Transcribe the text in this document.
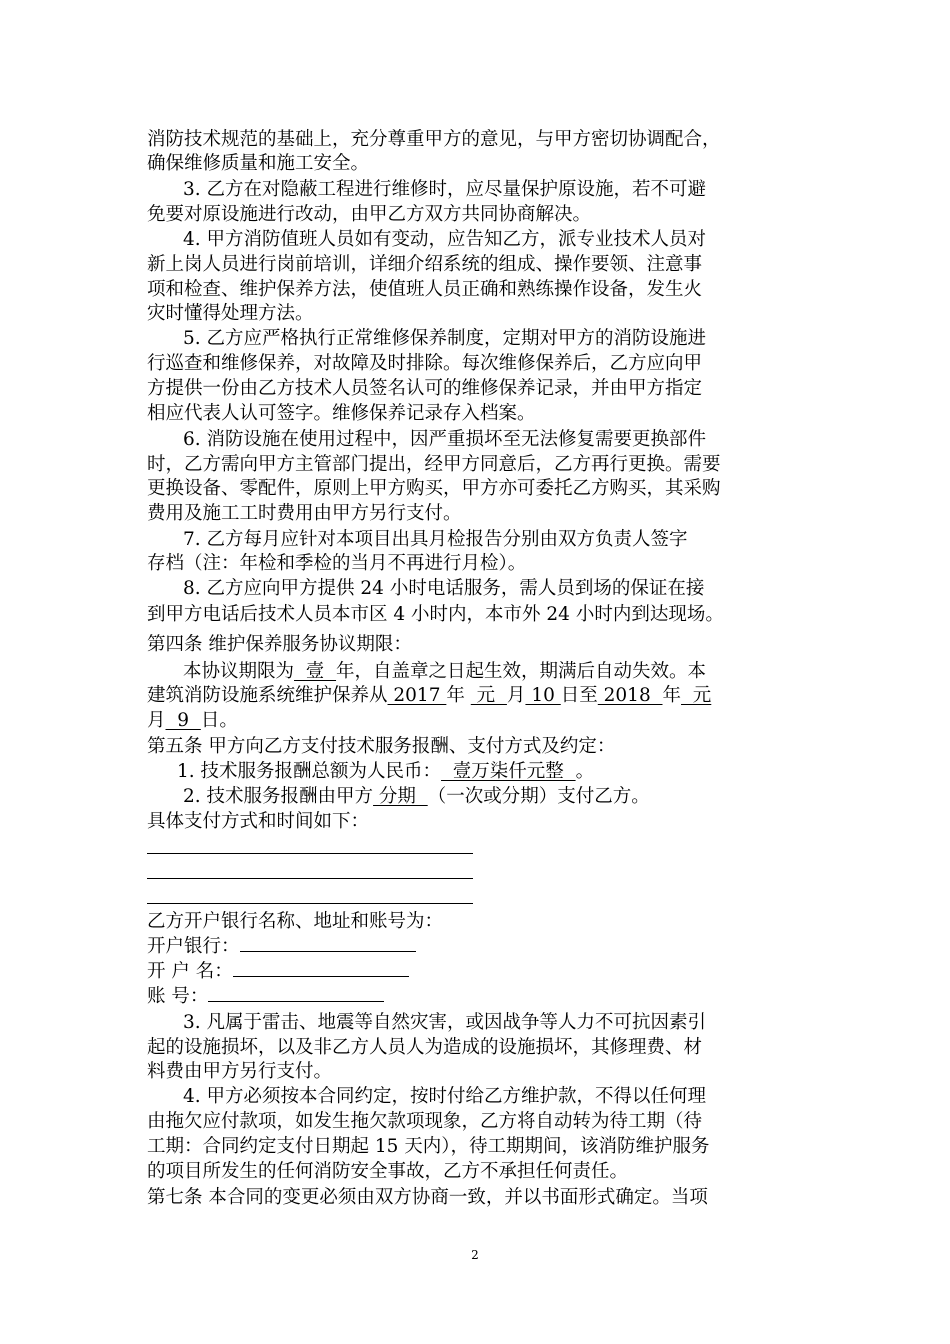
消防技术规范的基础上，充分尊重甲方的意见，与甲方密切协调配合，
确保维修质量和施工安全。
3. 乙方在对隐蔽工程进行维修时，应尽量保护原设施，若不可避
免要对原设施进行改动，由甲乙方双方共同协商解决。
4. 甲方消防值班人员如有变动，应告知乙方，派专业技术人员对
新上岗人员进行岗前培训，详细介绍系统的组成、操作要领、注意事
项和检查、维护保养方法，使值班人员正确和熟练操作设备，发生火
灾时懂得处理方法。
5. 乙方应严格执行正常维修保养制度，定期对甲方的消防设施进
行巡查和维修保养，对故障及时排除。每次维修保养后，乙方应向甲
方提供一份由乙方技术人员签名认可的维修保养记录，并由甲方指定
相应代表人认可签字。维修保养记录存入档案。
6. 消防设施在使用过程中，因严重损坏至无法修复需要更换部件
时，乙方需向甲方主管部门提出，经甲方同意后，乙方再行更换。需要
更换设备、零配件，原则上甲方购买，甲方亦可委托乙方购买，其采购
费用及施工工时费用由甲方另行支付。
7. 乙方每月应针对本项目出具月检报告分别由双方负责人签字
存档（注：年检和季检的当月不再进行月检）。
8. 乙方应向甲方提供 24 小时电话服务，需人员到场的保证在接
到甲方电话后技术人员本市区 4 小时内，本市外 24 小时内到达现场。
第四条 维护保养服务协议期限：
本协议期限为  壹  年，自盖章之日起生效，期满后自动失效。本
建筑消防设施系统维护保养从 2017 年  元  月 10 日至 2018  年  元
月  9  日。
第五条 甲方向乙方支付技术服务报酬、支付方式及约定：
1. 技术服务报酬总额为人民币：  壹万柒仟元整  。
2. 技术服务报酬由甲方 分期  （一次或分期）支付乙方。
具体支付方式和时间如下：
乙方开户银行名称、地址和账号为：
开户银行：
开 户 名：
账 号：
3. 凡属于雷击、地震等自然灾害，或因战争等人力不可抗因素引
起的设施损坏，以及非乙方人员人为造成的设施损坏，其修理费、材
料费由甲方另行支付。
4. 甲方必须按本合同约定，按时付给乙方维护款，不得以任何理
由拖欠应付款项，如发生拖欠款项现象，乙方将自动转为待工期（待
工期：合同约定支付日期起 15 天内），待工期期间，该消防维护服务
的项目所发生的任何消防安全事故，乙方不承担任何责任。
第七条 本合同的变更必须由双方协商一致，并以书面形式确定。当项
2
